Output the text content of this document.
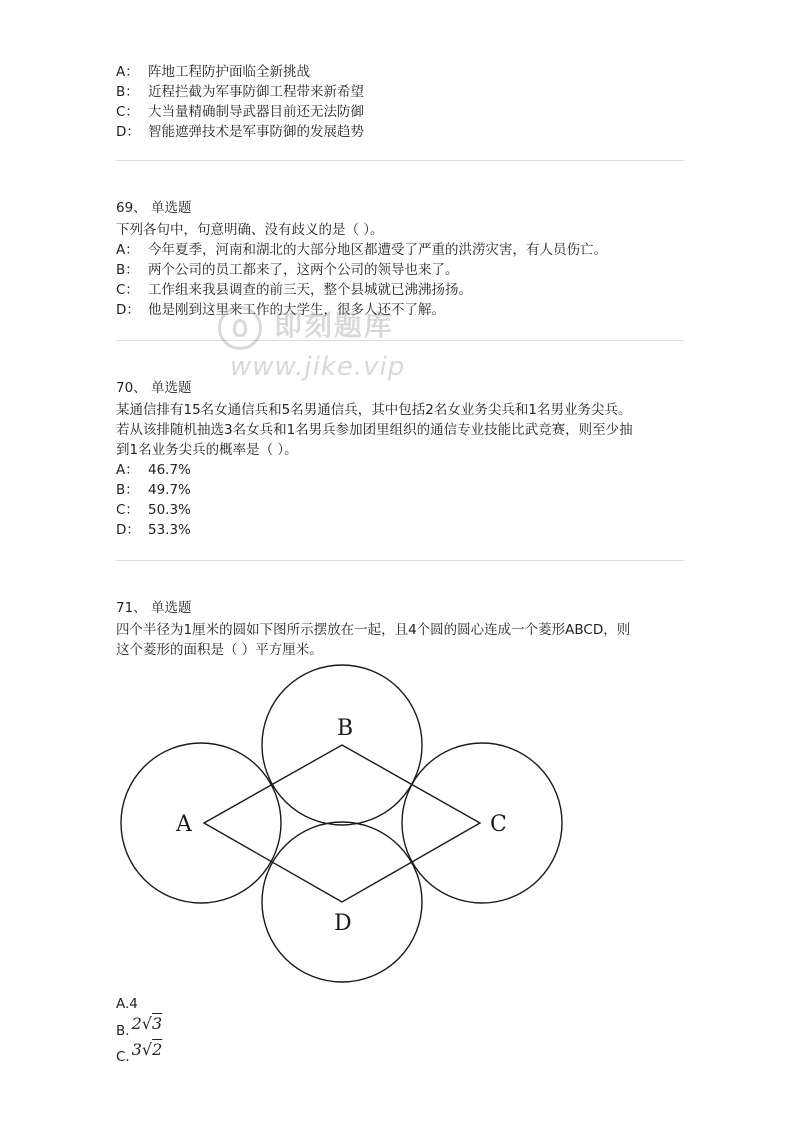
A： 阵地工程防护面临全新挑战
B： 近程拦截为军事防御工程带来新希望
C： 大当量精确制导武器目前还无法防御
D： 智能遮弹技术是军事防御的发展趋势
69、 单选题
下列各句中，句意明确、没有歧义的是（ ）。
A： 今年夏季，河南和湖北的大部分地区都遭受了严重的洪涝灾害，有人员伤亡。
B： 两个公司的员工都来了，这两个公司的领导也来了。
C： 工作组来我县调查的前三天，整个县城就已沸沸扬扬。
D： 他是刚到这里来工作的大学生，很多人还不了解。
即刻题库
www.jike.vip
70、 单选题
某通信排有15名女通信兵和5名男通信兵，其中包括2名女业务尖兵和1名男业务尖兵。
若从该排随机抽选3名女兵和1名男兵参加团里组织的通信专业技能比武竞赛，则至少抽
到1名业务尖兵的概率是（ ）。
A： 46.7%
B： 49.7%
C： 50.3%
D： 53.3%
71、 单选题
四个半径为1厘米的圆如下图所示摆放在一起，且4个圆的圆心连成一个菱形ABCD，则
这个菱形的面积是（ ）平方厘米。
A
B
C
D
A.4
B. 2√3
C. 3√2
